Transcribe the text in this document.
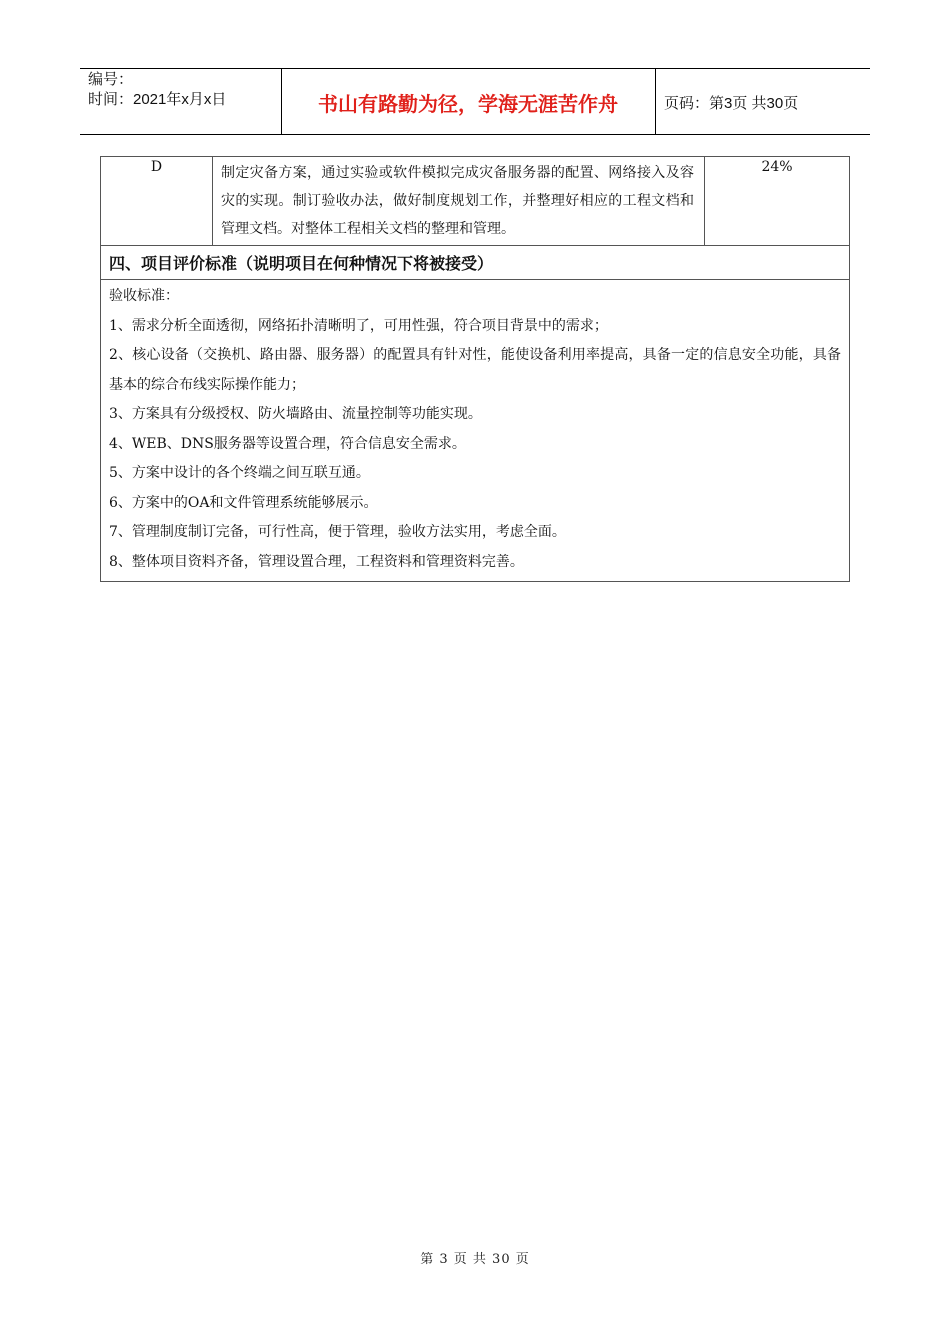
编号：
时间：2021年x月x日	书山有路勤为径，学海无涯苦作舟	页码：第3页 共30页
D	制定灾备方案，通过实验或软件模拟完成灾备服务器的配置、网络接入及容灾的实现。制订验收办法，做好制度规划工作，并整理好相应的工程文档和管理文档。对整体工程相关文档的整理和管理。	24%
四、项目评价标准（说明项目在何种情况下将被接受）

验收标准：
1、需求分析全面透彻，网络拓扑清晰明了，可用性强，符合项目背景中的需求；
2、核心设备（交换机、路由器、服务器）的配置具有针对性，能使设备利用率提高，具备一定的信息安全功能，具备基本的综合布线实际操作能力；
3、方案具有分级授权、防火墙路由、流量控制等功能实现。
4、WEB、DNS服务器等设置合理，符合信息安全需求。
5、方案中设计的各个终端之间互联互通。
6、方案中的OA和文件管理系统能够展示。
7、管理制度制订完备，可行性高，便于管理，验收方法实用，考虑全面。
8、整体项目资料齐备，管理设置合理，工程资料和管理资料完善。
第 3 页 共 30 页
